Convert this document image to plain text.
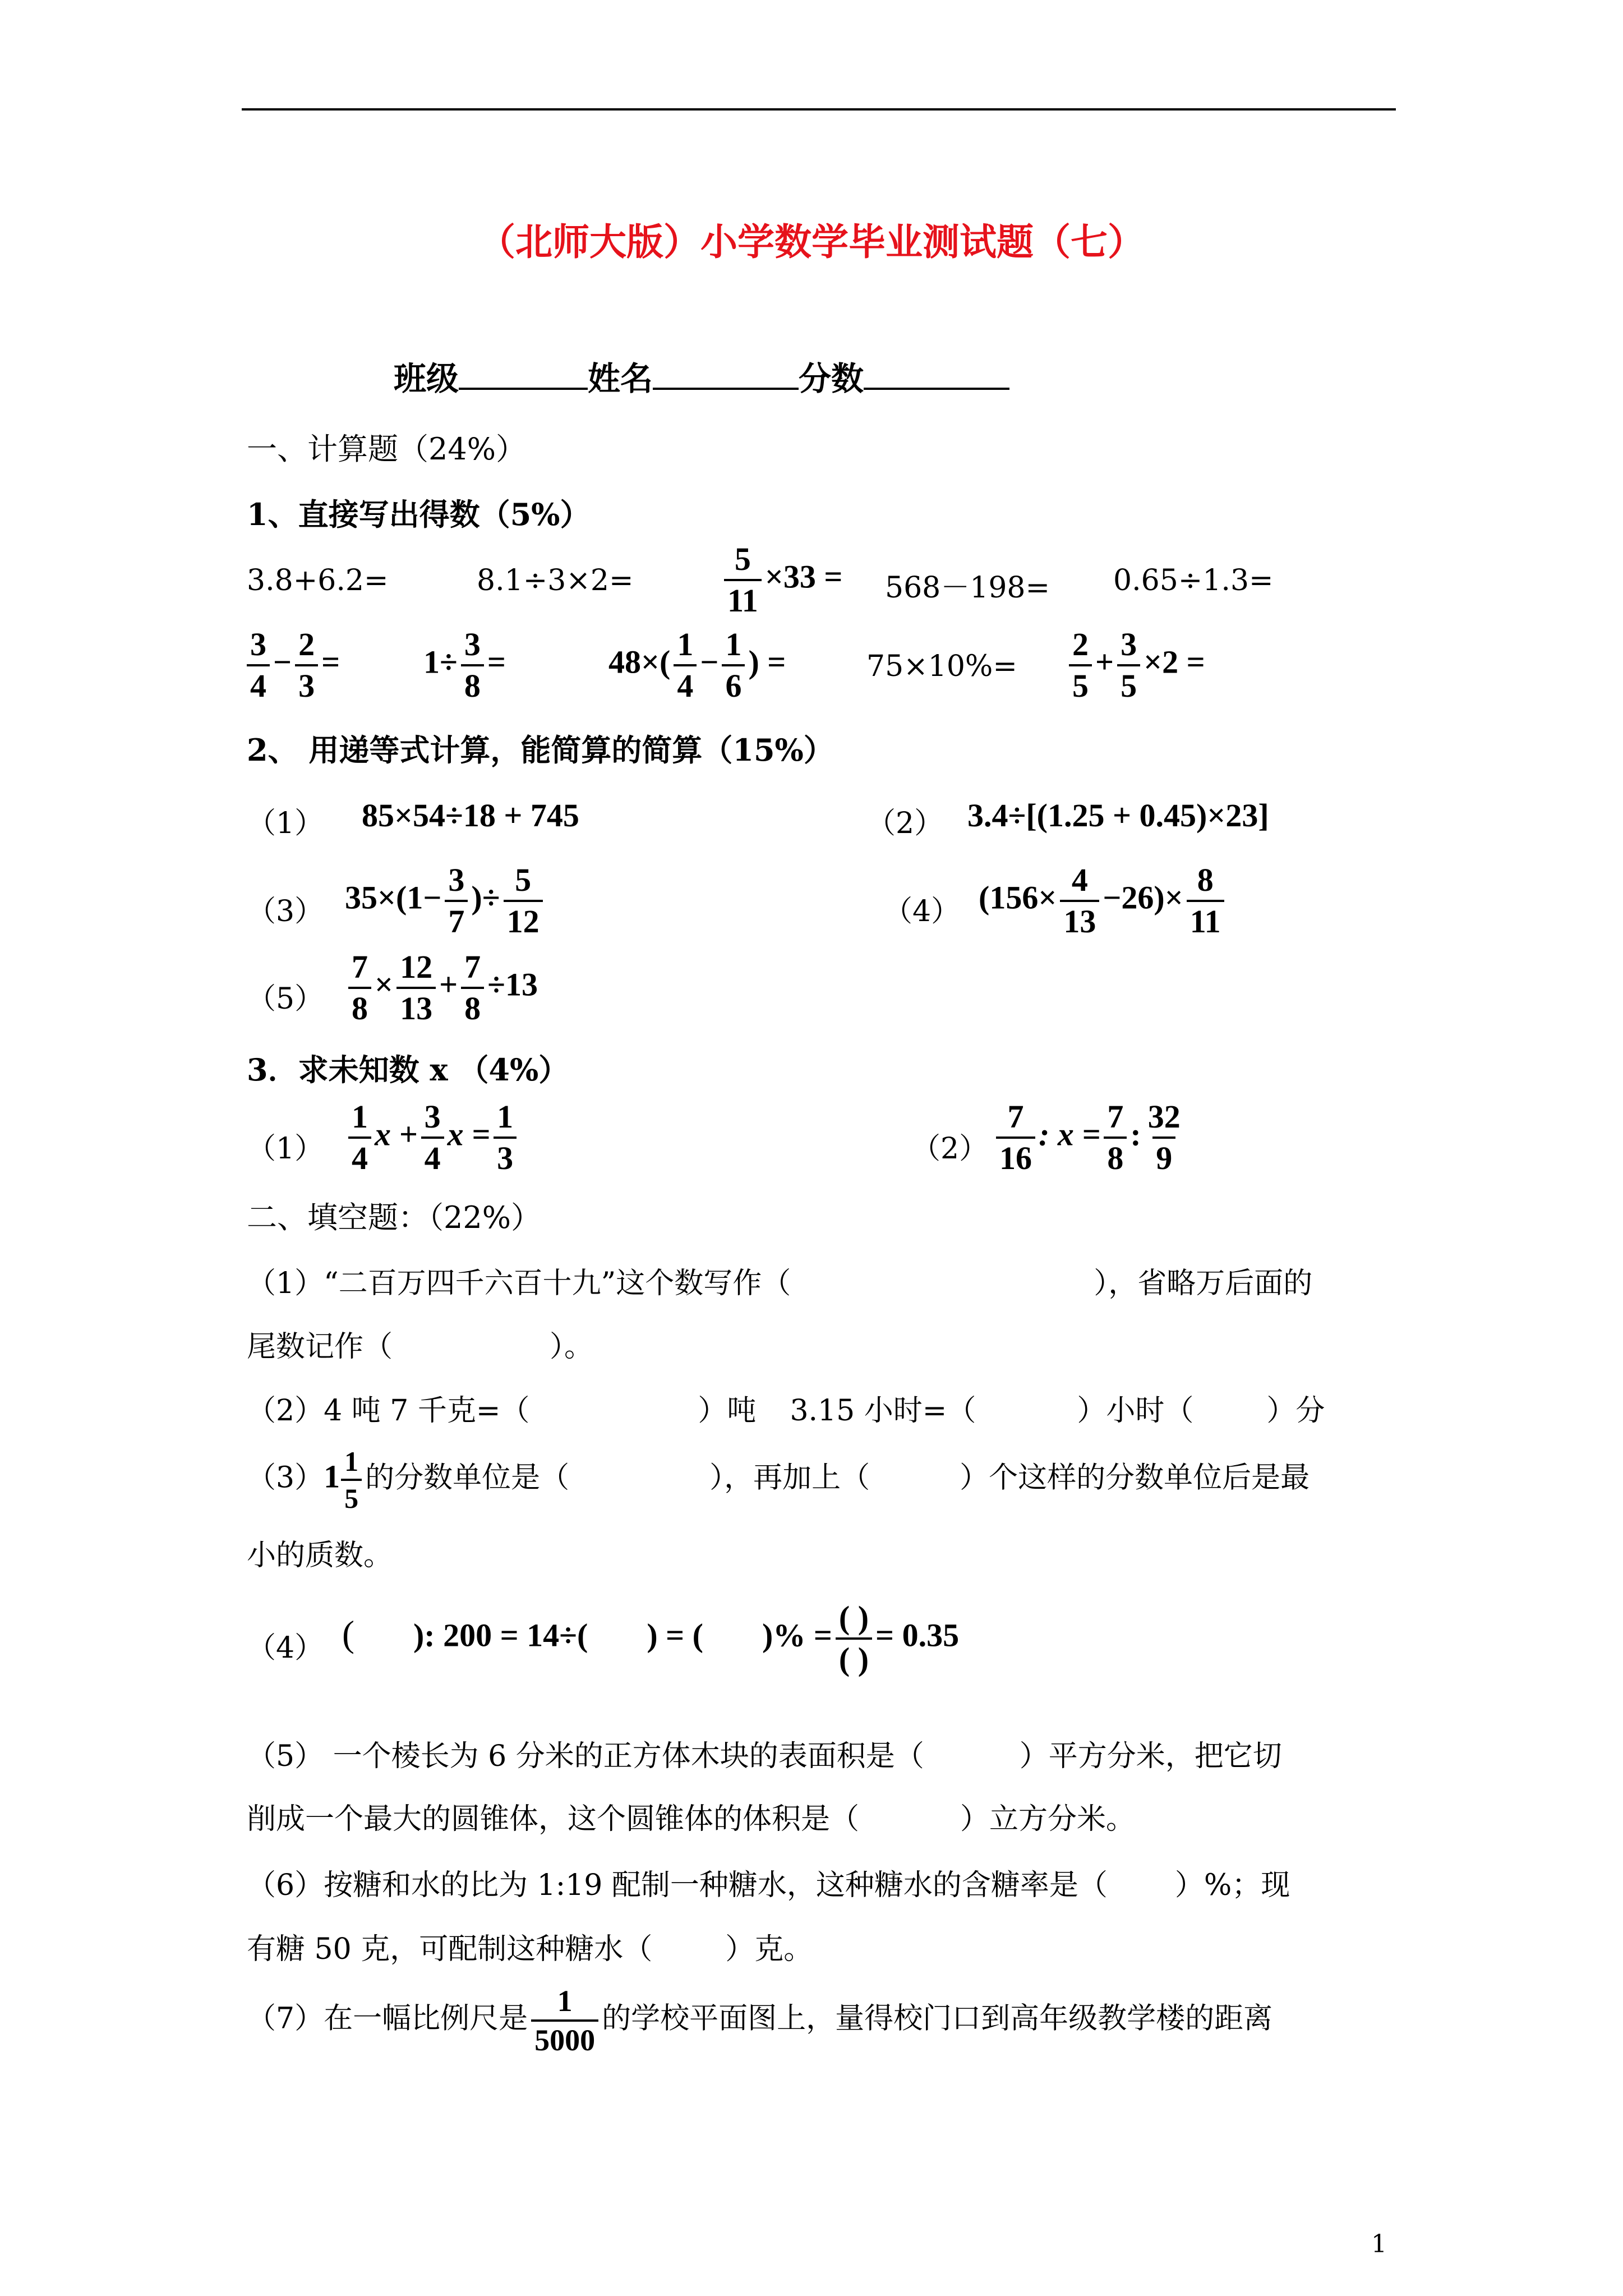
（北师大版）小学数学毕业测试题（七）
班级	姓名	分数
一、计算题（24%）
1、直接写出得数（5%）
3.8+6.2=	8.1÷3×2=	$\frac{5}{11} \times 33 = 568-198= 0.65\div 1.3=$
$\frac{3}{4} - \frac{2}{3}$ =	$1\div \frac{3}{8}$ =	$48\times( \frac{1}{4} - \frac{1}{6}$ ) =	$75\times 10\%= \frac{2}{5} + \frac{3}{5} \times 2$ =
2、 用递等式计算，能简算的简算（15%）
（1） 85×54÷18 + 745	（2） 3.4÷[(1.25 + 0.45)×23]
（3） $35\times(1- \frac{3}{7}$ )÷ $\frac{5}{12}$	（4） $(156\times \frac{4}{13} -26)\times \frac{8}{11}$
$(5) \frac{7}{8} \times \frac{12}{13} + \frac{7}{8} \div 13$
3．求未知数 x （4%）
$(1) \frac{1}{4}$ $x + \frac{3}{4}$ $x = \frac{1}{3}$	$(2) \frac{7}{16}$ : $x = \frac{7}{8}$ : $\frac{32}{9}$
二、填空题：（22%）
（1）“二百万四千六百十九”这个数写作（	），省略万后面的
尾数记作（	）。
（2）4 吨 7 千克=（	）吨 3.15 小时=（	）小时（	）分
$(3)1 \frac{1}{5}$ 的分数单位是（	），再加上（	）个这样的分数单位后是最
小的质数。
（4） ( ): 200 = 14÷( ) = ( )% = $\frac{( )}{( )} = 0.35$
（5） 一个棱长为 6 分米的正方体木块的表面积是（	）平方分米，把它切
削成一个最大的圆锥体，这个圆锥体的体积是（	）立方分米。
（6）按糖和水的比为 1:19 配制一种糖水，这种糖水的含糖率是（ ）%；现
有糖 50 克，可配制这种糖水（	）克。
（7）在一幅比例尺是 $\frac{1}{5000}$ 的学校平面图上，量得校门口到高年级教学楼的距离
1
